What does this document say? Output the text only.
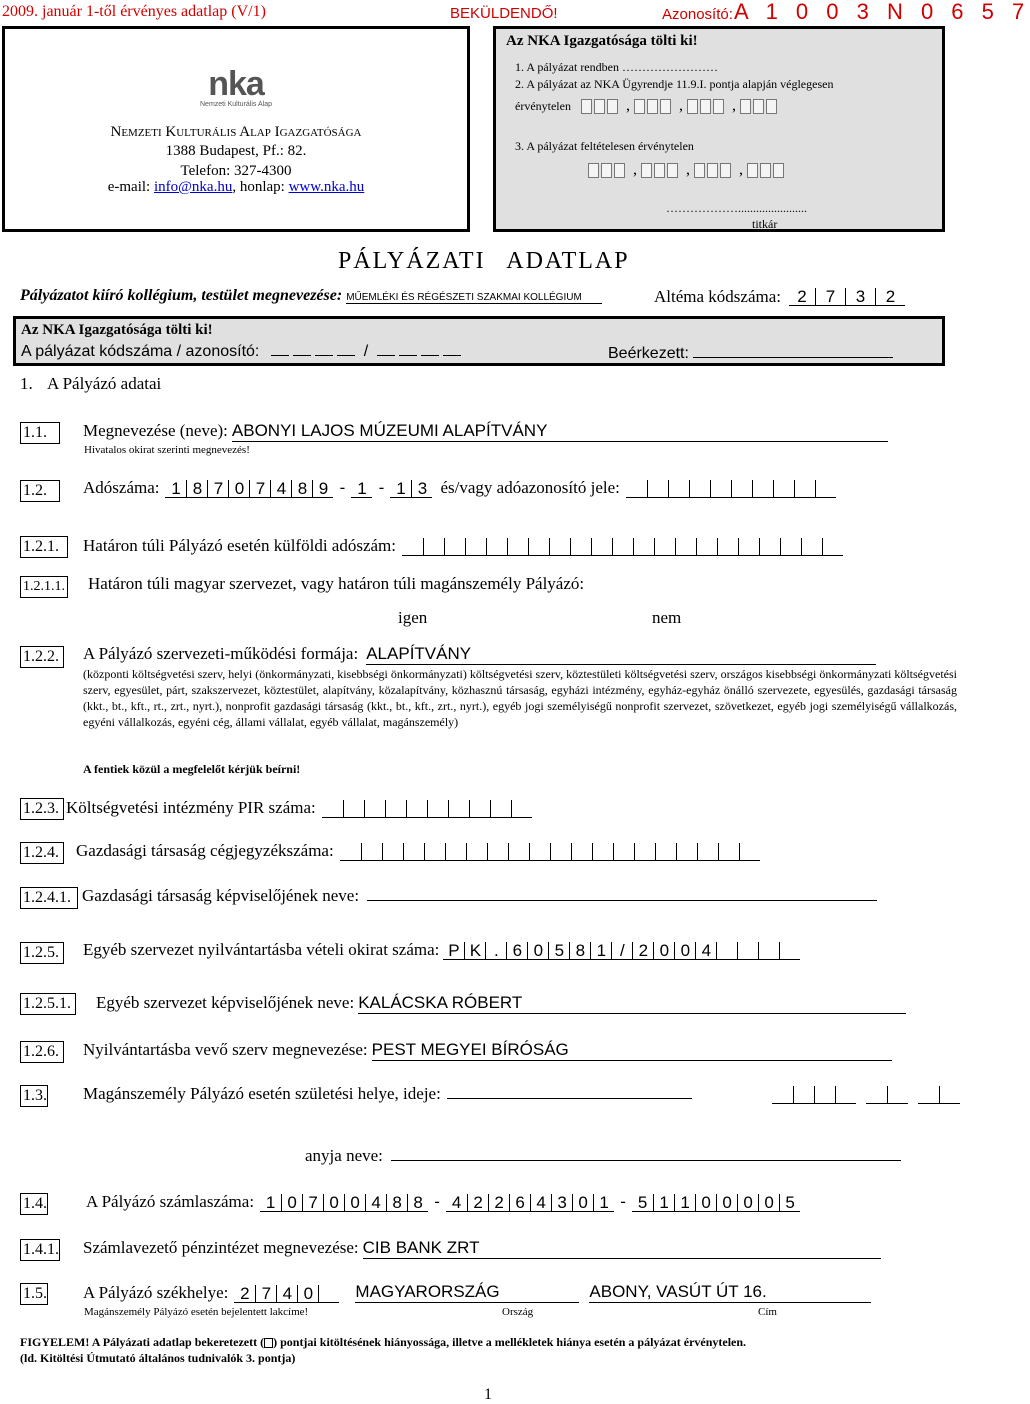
2009. január 1-től érvényes adatlap (V/1)	BEKÜLDENDŐ!	Azonosító: A 1 0 0 3 N 0 6 5 7
nka
Nemzeti Kulturális Alap
Nemzeti Kulturális Alap Igazgatósága
1388 Budapest, Pf.: 82.
Telefon: 327-4300
e-mail: info@nka.hu, honlap: www.nka.hu
Az NKA Igazgatósága tölti ki!
1. A pályázat rendben ……………………
2. A pályázat az NKA Ügyrendje 11.9.I. pontja alapján véglegesen
érvénytelen	,	,	,
3. A pályázat feltételesen érvénytelen
,	,	,
……………….......................
titkár
PÁLYÁZATI ADATLAP
Pályázatot kiíró kollégium, testület megnevezése: MŰEMLÉKI ÉS RÉGÉSZETI SZAKMAI KOLLÉGIUM	Altéma kódszáma: 2	7	3	2
Az NKA Igazgatósága tölti ki!
A pályázat kódszáma / azonosító:	/	Beérkezett:
1. A Pályázó adatai
1.1.	Megnevezése (neve): ABONYI LAJOS MÚZEUMI ALAPÍTVÁNY
Hivatalos okirat szerinti megnevezés!
1.2.	Adószáma: 1 8 7 0 7 4 8 9 - 1 - 1 3 és/vagy adóazonosító jele:
1.2.1.	Határon túli Pályázó esetén külföldi adószám:
1.2.1.1. Határon túli magyar szervezet, vagy határon túli magánszemély Pályázó:
igen	nem
1.2.2. A Pályázó szervezeti-működési formája: ALAPÍTVÁNY
(központi költségvetési szerv, helyi (önkormányzati, kisebbségi önkormányzati) költségvetési szerv, köztestületi költségvetési szerv, országos kisebbségi önkormányzati költségvetési szerv, egyesület, párt, szakszervezet, köztestület, alapítvány, közalapítvány, közhasznú társaság, egyházi intézmény, egyház-egyház önálló szervezete, egyesülés, gazdasági társaság (kkt., bt., kft., rt., zrt., nyrt.), nonprofit gazdasági társaság (kkt., bt., kft., zrt., nyrt.), egyéb jogi személyiségű nonprofit szervezet, szövetkezet, egyéb jogi személyiségű vállalkozás, egyéni vállalkozás, egyéni cég, állami vállalat, egyéb vállalat, magánszemély)
A fentiek közül a megfelelőt kérjük beírni!
1.2.3. Költségvetési intézmény PIR száma:
1.2.4. Gazdasági társaság cégjegyzékszáma:
1.2.4.1. Gazdasági társaság képviselőjének neve:
1.2.5. Egyéb szervezet nyilvántartásba vételi okirat száma: P K . 6 0 5 8 1 / 2 0 0 4
1.2.5.1. Egyéb szervezet képviselőjének neve: KALÁCSKA RÓBERT
1.2.6. Nyilvántartásba vevő szerv megnevezése: PEST MEGYEI BÍRÓSÁG
1.3. Magánszemély Pályázó esetén születési helye, ideje:

anyja neve:
1.4. A Pályázó számlaszáma: 1 0 7 0 0 4 8 8 - 4 2 2 6 4 3 0 1 - 5 1 1 0 0 0 0 5
1.4.1. Számlavezető pénzintézet megnevezése: CIB BANK ZRT
1.5. A Pályázó székhelye: 2 7 4 0	MAGYARORSZÁG	ABONY, VASÚT ÚT 16.
Magánszemély Pályázó esetén bejelentett lakcíme!	Ország	Cím
FIGYELEM! A Pályázati adatlap bekeretezett ( ) pontjai kitöltésének hiányossága, illetve a mellékletek hiánya esetén a pályázat érvénytelen.
(ld. Kitöltési Útmutató általános tudnivalók 3. pontja)
1
